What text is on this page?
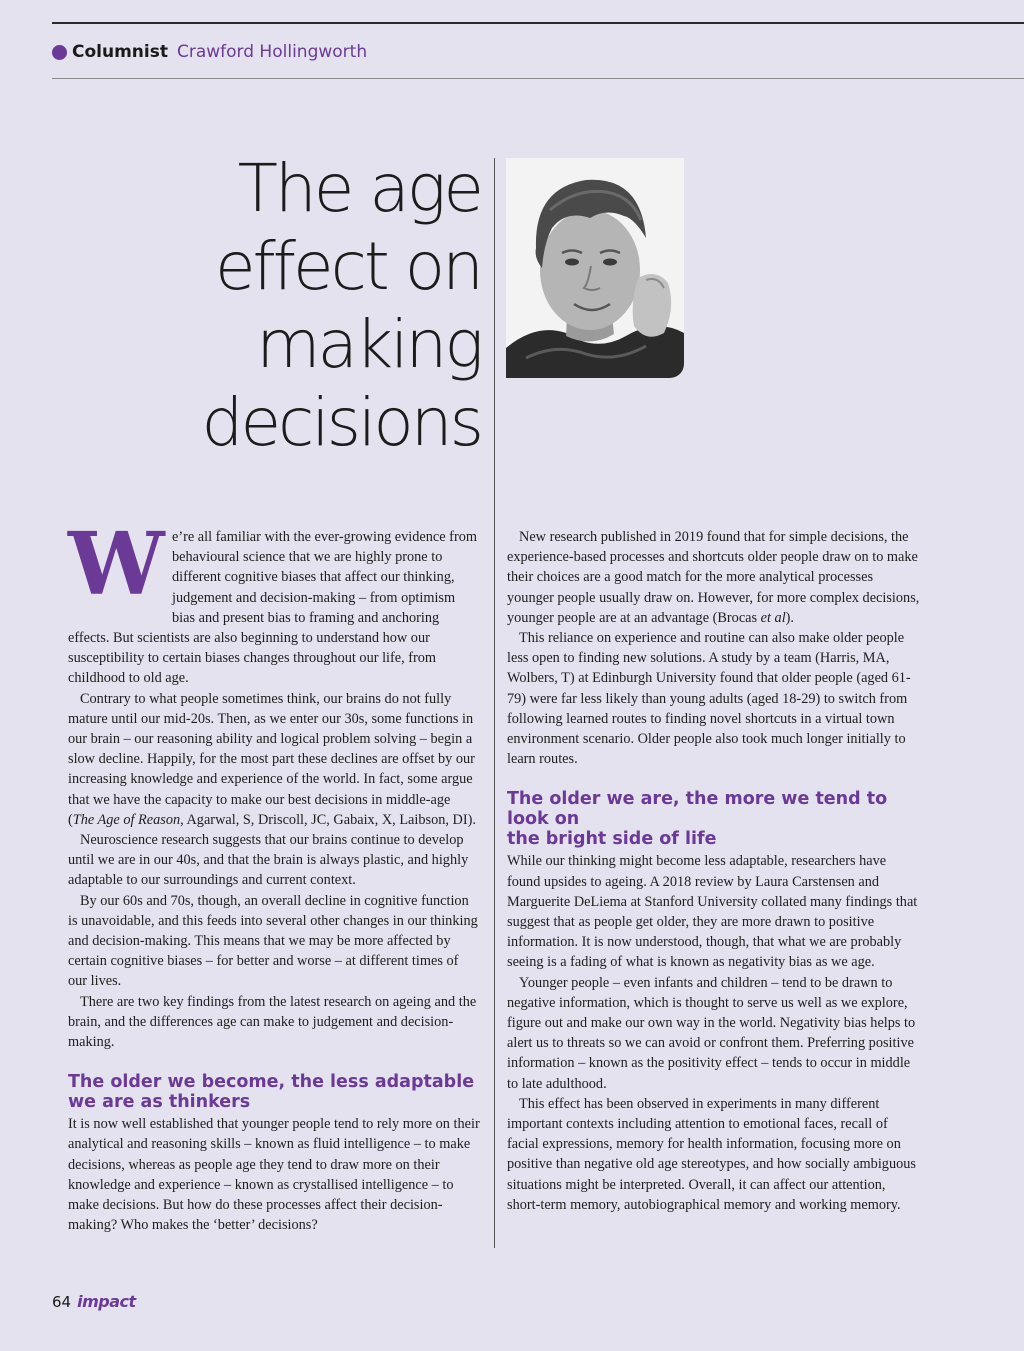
Columnist Crawford Hollingworth
The age
effect on
making
decisions
W e’re all familiar with the ever-growing evidence from behavioural science that we are highly prone to different cognitive biases that affect our thinking, judgement and decision-making – from optimism bias and present bias to framing and anchoring effects. But scientists are also beginning to understand how our susceptibility to certain biases changes throughout our life, from childhood to old age.

Contrary to what people sometimes think, our brains do not fully mature until our mid-20s. Then, as we enter our 30s, some functions in our brain – our reasoning ability and logical problem solving – begin a slow decline. Happily, for the most part these declines are offset by our increasing knowledge and experience of the world. In fact, some argue that we have the capacity to make our best decisions in middle-age (The Age of Reason, Agarwal, S, Driscoll, JC, Gabaix, X, Laibson, DI).

Neuroscience research suggests that our brains continue to develop until we are in our 40s, and that the brain is always plastic, and highly adaptable to our surroundings and current context.

By our 60s and 70s, though, an overall decline in cognitive function is unavoidable, and this feeds into several other changes in our thinking and decision-making. This means that we may be more affected by certain cognitive biases – for better and worse – at different times of our lives.

There are two key findings from the latest research on ageing and the brain, and the differences age can make to judgement and decision-making.

The older we become, the less adaptable
we are as thinkers

It is now well established that younger people tend to rely more on their analytical and reasoning skills – known as fluid intelligence – to make decisions, whereas as people age they tend to draw more on their knowledge and experience – known as crystallised intelligence – to make decisions. But how do these processes affect their decision-making? Who makes the ‘better’ decisions?

New research published in 2019 found that for simple decisions, the experience-based processes and shortcuts older people draw on to make their choices are a good match for the more analytical processes younger people usually draw on. However, for more complex decisions, younger people are at an advantage (Brocas et al).

This reliance on experience and routine can also make older people less open to finding new solutions. A study by a team (Harris, MA, Wolbers, T) at Edinburgh University found that older people (aged 61-79) were far less likely than young adults (aged 18-29) to switch from following learned routes to finding novel shortcuts in a virtual town environment scenario. Older people also took much longer initially to learn routes.

The older we are, the more we tend to look on
the bright side of life

While our thinking might become less adaptable, researchers have found upsides to ageing. A 2018 review by Laura Carstensen and Marguerite DeLiema at Stanford University collated many findings that suggest that as people get older, they are more drawn to positive information. It is now understood, though, that what we are probably seeing is a fading of what is known as negativity bias as we age.

Younger people – even infants and children – tend to be drawn to negative information, which is thought to serve us well as we explore, figure out and make our own way in the world. Negativity bias helps to alert us to threats so we can avoid or confront them. Preferring positive information – known as the positivity effect – tends to occur in middle to late adulthood.

This effect has been observed in experiments in many different important contexts including attention to emotional faces, recall of facial expressions, memory for health information, focusing more on positive than negative old age stereotypes, and how socially ambiguous situations might be interpreted. Overall, it can affect our attention, short-term memory, autobiographical memory and working memory.

64 impact
